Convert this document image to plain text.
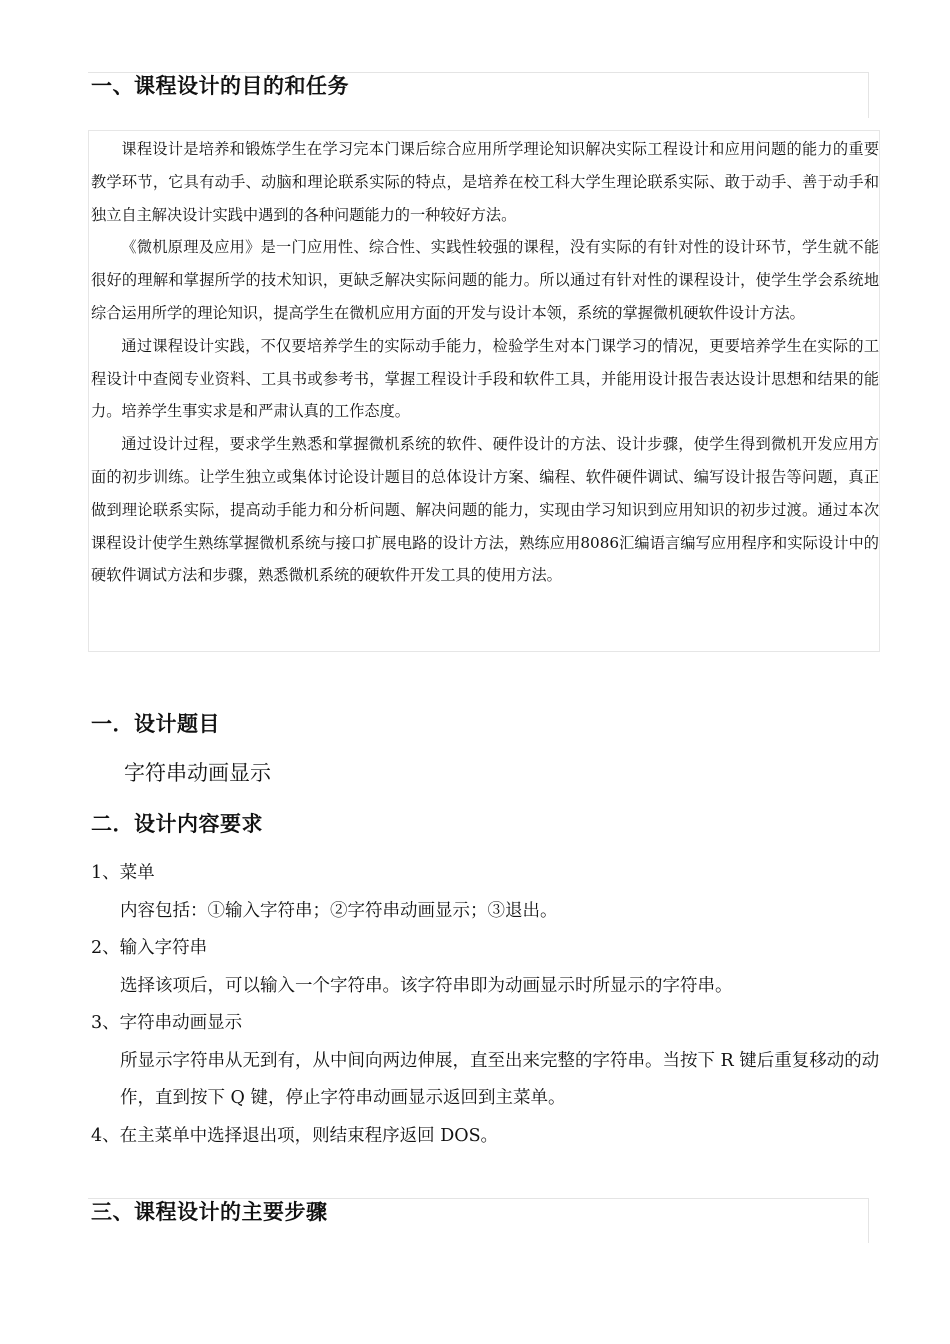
一、课程设计的目的和任务

课程设计是培养和锻炼学生在学习完本门课后综合应用所学理论知识解决实际工程设计和应用问题的能力的重要教学环节，它具有动手、动脑和理论联系实际的特点，是培养在校工科大学生理论联系实际、敢于动手、善于动手和独立自主解决设计实践中遇到的各种问题能力的一种较好方法。

《微机原理及应用》是一门应用性、综合性、实践性较强的课程，没有实际的有针对性的设计环节，学生就不能很好的理解和掌握所学的技术知识，更缺乏解决实际问题的能力。所以通过有针对性的课程设计，使学生学会系统地综合运用所学的理论知识，提高学生在微机应用方面的开发与设计本领，系统的掌握微机硬软件设计方法。

通过课程设计实践，不仅要培养学生的实际动手能力，检验学生对本门课学习的情况，更要培养学生在实际的工程设计中查阅专业资料、工具书或参考书，掌握工程设计手段和软件工具，并能用设计报告表达设计思想和结果的能力。培养学生事实求是和严肃认真的工作态度。

通过设计过程，要求学生熟悉和掌握微机系统的软件、硬件设计的方法、设计步骤，使学生得到微机开发应用方面的初步训练。让学生独立或集体讨论设计题目的总体设计方案、编程、软件硬件调试、编写设计报告等问题，真正做到理论联系实际，提高动手能力和分析问题、解决问题的能力，实现由学习知识到应用知识的初步过渡。通过本次课程设计使学生熟练掌握微机系统与接口扩展电路的设计方法，熟练应用8086汇编语言编写应用程序和实际设计中的硬软件调试方法和步骤，熟悉微机系统的硬软件开发工具的使用方法。

一．设计题目
字符串动画显示
二．设计内容要求
1、菜单

内容包括：①输入字符串；②字符串动画显示；③退出。

2、输入字符串

选择该项后，可以输入一个字符串。该字符串即为动画显示时所显示的字符串。

3、字符串动画显示

所显示字符串从无到有，从中间向两边伸展，直至出来完整的字符串。当按下 R 键后重复移动的动作，直到按下 Q 键，停止字符串动画显示返回到主菜单。

4、在主菜单中选择退出项，则结束程序返回 DOS。
三、课程设计的主要步骤
